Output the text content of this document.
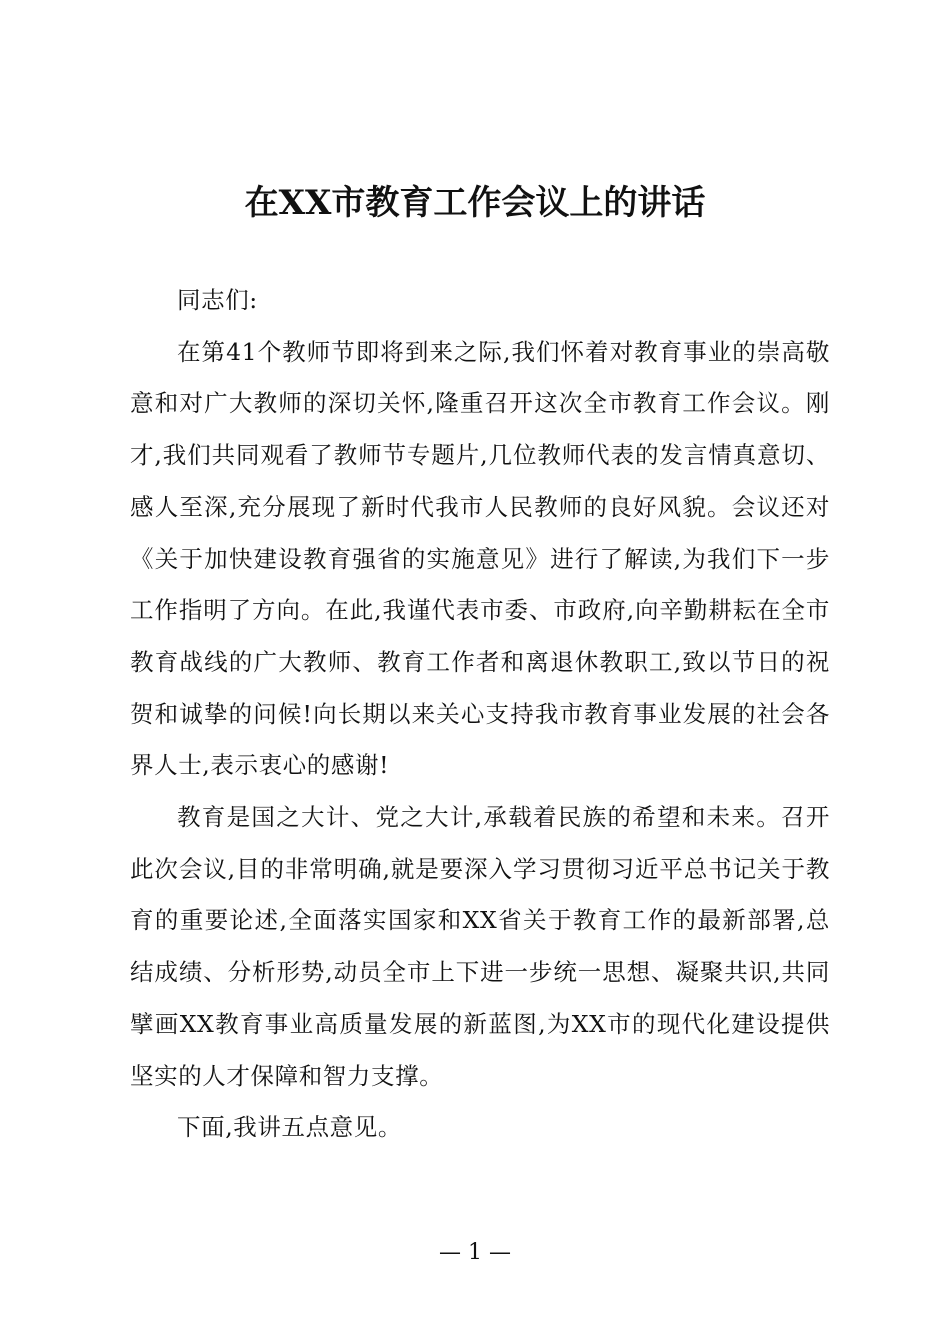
在XX市教育工作会议上的讲话

同志们:

在第41个教师节即将到来之际,我们怀着对教育事业的崇高敬意和对广大教师的深切关怀,隆重召开这次全市教育工作会议。刚才,我们共同观看了教师节专题片,几位教师代表的发言情真意切、感人至深,充分展现了新时代我市人民教师的良好风貌。会议还对《关于加快建设教育强省的实施意见》进行了解读,为我们下一步工作指明了方向。在此,我谨代表市委、市政府,向辛勤耕耘在全市教育战线的广大教师、教育工作者和离退休教职工,致以节日的祝贺和诚挚的问候!向长期以来关心支持我市教育事业发展的社会各界人士,表示衷心的感谢!

教育是国之大计、党之大计,承载着民族的希望和未来。召开此次会议,目的非常明确,就是要深入学习贯彻习近平总书记关于教育的重要论述,全面落实国家和XX省关于教育工作的最新部署,总结成绩、分析形势,动员全市上下进一步统一思想、凝聚共识,共同擘画XX教育事业高质量发展的新蓝图,为XX市的现代化建设提供坚实的人才保障和智力支撑。

下面,我讲五点意见。

— 1 —
